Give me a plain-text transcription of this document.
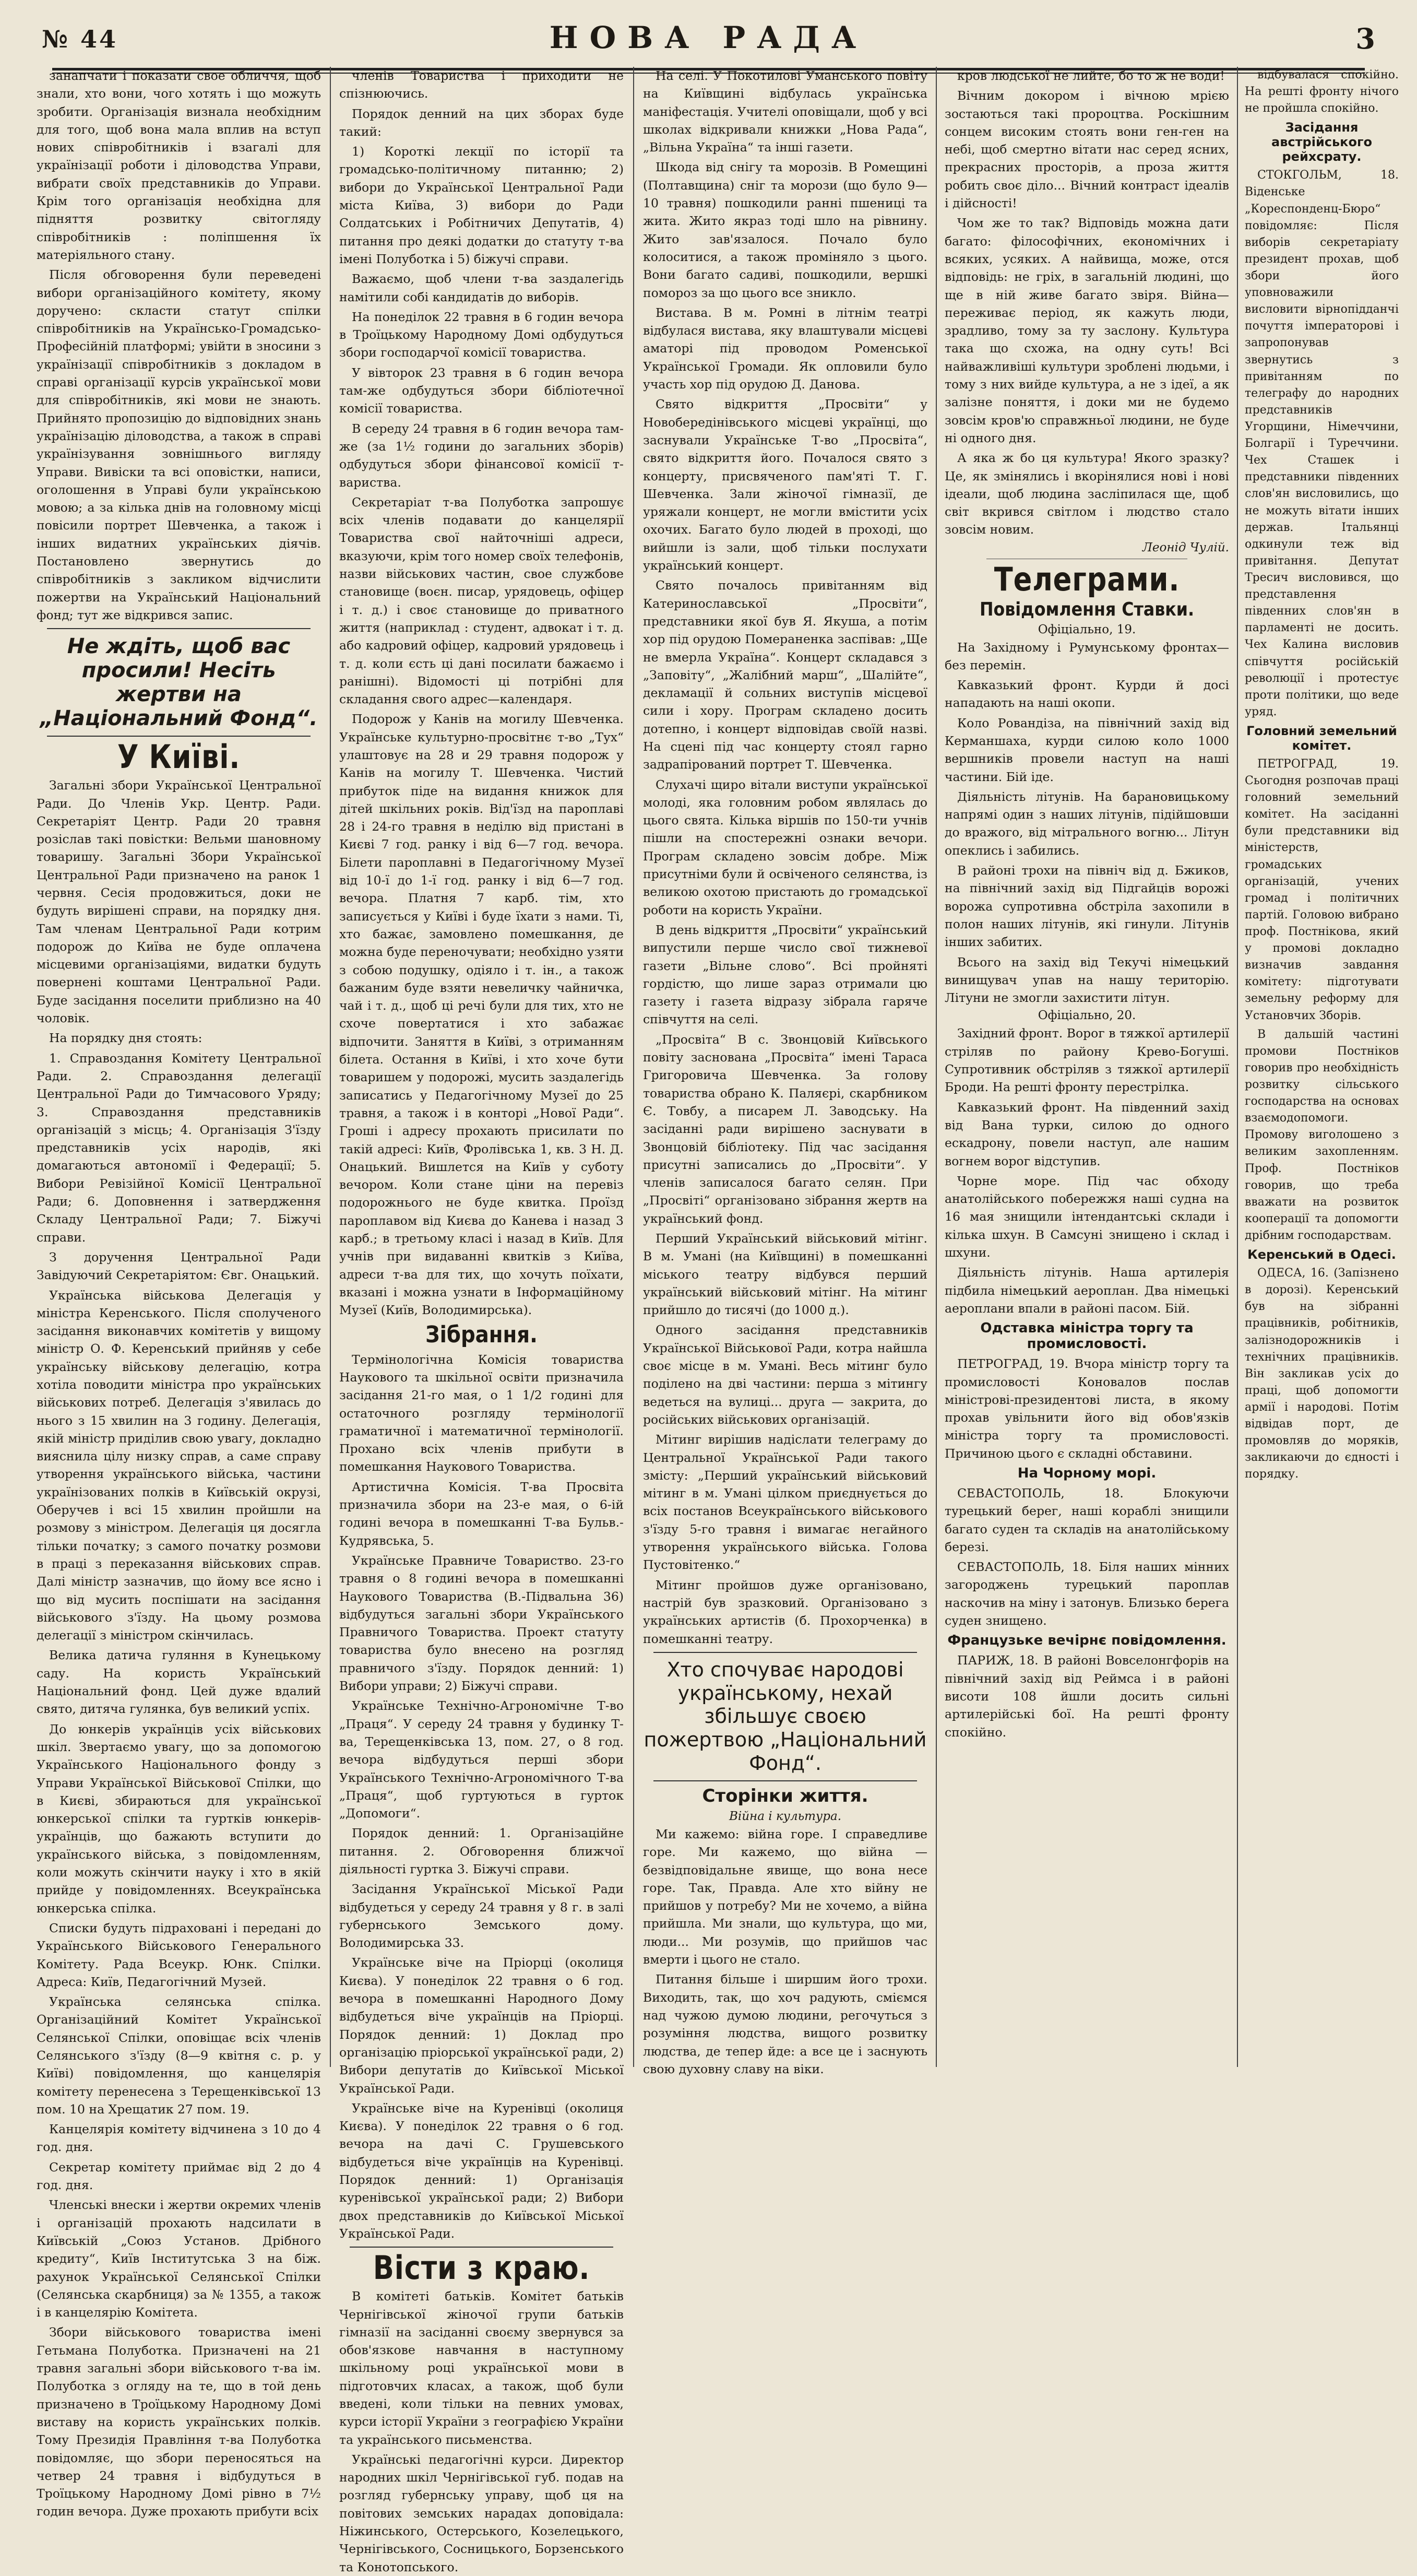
№ 44	НОВА РАДА	3

занапчати і показати свое обличчя, щоб знали, хто вони, чого хотять і що можуть зробити. Організація визнала необхідним для того, щоб вона мала вплив на вступ нових співробітників і взагалі для українізації роботи і діловодства Управи, вибрати своїх представників до Управи. Крім того організація необхідна для підняття розвитку світогляду співробітників : поліпшення їх матеріяльного стану.

Після обговорення були переведені вибори організаційного комітету, якому доручено: скласти статут спілки співробітників на Українсько-Громадсько-Професійній платформі; увійти в зносини з українізації співробітників з докладом в справі організації курсів української мови для співробітників, які мови не знають. Прийнято пропозицію до відповідних знань українізацію діловодства, а також в справі українізування зовнішнього вигляду Управи. Вивіски та всі оповістки, написи, оголошення в Управі були українською мовою; а за кілька днів на головному місці повісили портрет Шевченка, а також і інших видатних українських діячів. Постановлено звернутись до співробітників з закликом відчислити пожертви на Український Національний фонд; тут же відкрився запис.

Не ждіть, щоб вас просили! Несіть жертви на „Національний Фонд“.
У Київі.

Загальні збори Української Центральної Ради. До Членів Укр. Центр. Ради. Секретаріят Центр. Ради 20 травня розіслав такі повістки: Вельми шановному товаришу. Загальні Збори Української Центральної Ради призначено на ранок 1 червня. Сесія продовжиться, доки не будуть вирішені справи, на порядку дня. Там членам Центральної Ради котрим подорож до Київа не буде оплачена місцевими організаціями, видатки будуть повернені коштами Центральної Ради. Буде засідання поселити приблизно на 40 чоловік.

На порядку дня стоять:

1. Справоздання Комітету Центральної Ради. 2. Справоздання делегації Центральної Ради до Тимчасового Уряду; 3. Справоздання представників організацій з місць; 4. Організація З'їзду представників усіх народів, які домагаються автономії і Федерації; 5. Вибори Ревізійної Комісії Центральної Ради; 6. Доповнення і затвердження Складу Центральної Ради; 7. Біжучі справи.

З доручення Центральної Ради Завідуючий Секретаріятом: Євг. Онацький.

Українська військова Делегація у міністра Керенського. Після сполученого засідання виконавчих комітетів у вищому міністр О. Ф. Керенський прийняв у себе українську військову делегацію, котра хотіла поводити міністра про українських військових потреб. Делегація з'явилась до нього з 15 хвилин на 3 годину. Делегація, якій міністр приділив свою увагу, докладно вияснила цілу низку справ, а саме справу утворення українського війська, частини українізованих полків в Київській окрузі, Оберучев і всі 15 хвилин пройшли на розмову з міністром. Делегація ця досягла тільки початку; з самого початку розмови в праці з переказання військових справ. Далі міністр зазначив, що йому все ясно і що від мусить поспішати на засідання військового з'їзду. На цьому розмова делегації з міністром скінчилась.

Велика датича гуляння в Кунецькому саду. На користь Український Національний фонд. Цей дуже вдалий свято, дитяча гулянка, був великий успіх.

До юнкерів українців усіх військових шкіл. Звертаємо увагу, що за допомогою Українського Національного фонду з Управи Української Військової Спілки, що в Києві, збираються для української юнкерської спілки та гуртків юнкерів-українців, що бажають вступити до українського війська, з повідомленням, коли можуть скінчити науку і хто в якій прийде у повідомленнях. Всеукраїнська юнкерська спілка.

Списки будуть підраховані і передані до Українського Військового Генерального Комітету. Рада Всеукр. Юнк. Спілки. Адреса: Київ, Педагогічний Музей.

Українська селянська спілка. Організаційний Комітет Української Селянської Спілки, оповіщає всіх членів Селянського з'їзду (8—9 квітня с. р. у Київі) повідомлення, що канцелярія комітету перенесена з Терещенківської 13 пом. 10 на Хрещатик 27 пом. 19.

Канцелярія комітету відчинена з 10 до 4 год. дня.

Секретар комітету приймає від 2 до 4 год. дня.

Членські внески і жертви окремих членів і організацій прохають надсилати в Київській „Союз Установ. Дрібного кредиту“, Київ Інститутська 3 на біж. рахунок Української Селянської Спілки (Селянська скарбниця) за № 1355, а також і в канцелярію Комітета.

Збори військового товариства імені Гетьмана Полуботка. Призначені на 21 травня загальні збори військового т-ва ім. Полуботка з огляду на те, що в той день призначено в Троїцькому Народному Домі виставу на користь українських полків. Тому Президія Правління т-ва Полуботка повідомляє, що збори переносяться на четвер 24 травня і відбудуться в Троїцькому Народному Домі рівно в 7½ годин вечора. Дуже прохають прибути всіх

членів Товариства і приходити не спізнюючись.

Порядок денний на цих зборах буде такий:

1) Короткі лекції по історії та громадсько-політичному питанню; 2) вибори до Української Центральної Ради міста Київа, 3) вибори до Ради Солдатських і Робітничих Депутатів, 4) питання про деякі додатки до статуту т-ва імені Полуботка і 5) біжучі справи.

Важаємо, щоб члени т-ва заздалегідь намітили собі кандидатів до виборів.

На понеділок 22 травня в 6 годин вечора в Троїцькому Народному Домі одбудуться збори господарчої комісії товариства.

У вівторок 23 травня в 6 годин вечора там-же одбудуться збори бібліотечної комісії товариства.

В середу 24 травня в 6 годин вечора там-же (за 1½ години до загальних зборів) одбудуться збори фінансової комісії т-вариства.

Секретаріат т-ва Полуботка запрошує всіх членів подавати до канцелярії Товариства свої найточніші адреси, вказуючи, крім того номер своїх телефонів, назви військових частин, свое службове становище (воєн. писар, урядовець, офіцер і т. д.) і своє становище до приватного життя (наприклад : студент, адвокат і т. д. або кадровий офіцер, кадровий урядовець і т. д. коли єсть ці дані посилати бажаємо і ранішні). Відомості ці потрібні для складання свого адрес—календаря.

Подорож у Канів на могилу Шевченка. Українське культурно-просвітнє т-во „Тух“ улаштовує на 28 и 29 травня подорож у Канів на могилу Т. Шевченка. Чистий прибуток піде на видання книжок для дітей шкільних років. Від'їзд на пароплаві 28 і 24-го травня в неділю від пристані в Києві 7 год. ранку і від 6—7 год. вечора. Білети пароплавні в Педагогічному Музеї від 10-ї до 1-ї год. ранку і від 6—7 год. вечора. Платня 7 карб. тім, хто записується у Київі і буде їхати з нами. Ті, хто бажає, замовлено помешкання, де можна буде переночувати; необхідно узяти з собою подушку, одіяло і т. ін., а також бажаним буде взяти невеличку чайничка, чай і т. д., щоб ці речі були для тих, хто не схоче повертатися і хто забажає відпочити. Заняття в Київі, з отриманням білета. Остання в Київі, і хто хоче бути товаришем у подорожі, мусить заздалегідь записатись у Педагогічному Музеї до 25 травня, а також і в конторі „Нової Ради“. Гроші і адресу прохають присилати по такій адресі: Київ, Фролівська 1, кв. 3 Н. Д. Онацький. Вишлется на Київ у суботу вечором. Коли стане ціни на перевіз подорожнього не буде квитка. Проїзд пароплавом від Києва до Канева і назад 3 карб.; в третьому класі і назад в Київ. Для учнів при видаванні квитків з Київа, адреси т-ва для тих, що хочуть поїхати, вказані і можна узнати в Інформаційному Музеї (Київ, Володимирська).

Зібрання.

Термінологічна Комісія товариства Наукового та шкільної освіти призначила засідання 21-го мая, о 1 1/2 годині для остаточного розгляду термінології граматичної і математичної термінології. Прохано всіх членів прибути в помешкання Наукового Товариства.

Артистична Комісія. Т-ва Просвіта призначила збори на 23-е мая, о 6-ій годині вечора в помешканні Т-ва Бульв.-Кудрявська, 5.

Українське Правниче Товариство. 23-го травня о 8 годині вечора в помешканні Наукового Товариства (В.-Підвальна 36) відбудуться загальні збори Українського Правничого Товариства. Проект статуту товариства було внесено на розгляд правничого з'їзду. Порядок денний: 1) Вибори управи; 2) Біжучі справи.

Українське Технічно-Агрономічне Т-во „Праця“. У середу 24 травня у будинку Т-ва, Терещенківська 13, пом. 27, о 8 год. вечора відбудуться перші збори Українського Технічно-Агрономічного Т-ва „Праця“, щоб гуртуються в гурток „Допомоги“.

Порядок денний: 1. Організаційне питання. 2. Обговорення ближчої діяльності гуртка 3. Біжучі справи.

Засідання Української Міської Ради відбудеться у середу 24 травня у 8 г. в залі губернського Земського дому. Володимирська 33.

Українське віче на Пріорці (околиця Києва). У понеділок 22 травня о 6 год. вечора в помешканні Народного Дому відбудеться віче українців на Пріорці. Порядок денний: 1) Доклад про організацію пріорської української ради, 2) Вибори депутатів до Київської Міської Української Ради.

Українське віче на Куренівці (околиця Києва). У понеділок 22 травня о 6 год. вечора на дачі С. Грушевського відбудеться віче українців на Куренівці. Порядок денний: 1) Організація куренівської української ради; 2) Вибори двох представників до Київської Міської Української Ради.

Вісти з краю.

В комітеті батьків. Комітет батьків Чернігівської жіночої групи батьків гімназії на засіданні своєму звернувся за обов'язкове навчання в наступному шкільному році української мови в підготовчих класах, а також, щоб були введені, коли тільки на певних умовах, курси історії України з географією України та українського письменства.

Українські педагогічні курси. Директор народних шкіл Чернігівської губ. подав на розгляд губернську управу, щоб ця на повітових земських нарадах доповідала: Ніжинського, Остерського, Козелецького, Чернігівського, Сосницького, Борзенського та Конотопського.

На селі. У Покотилові Уманського повіту на Київщині відбулась українська маніфестація. Учителі оповіщали, щоб у всі школах відкривали книжки „Нова Рада“, „Вільна Україна“ та інші газети.

Шкода від снігу та морозів. В Ромещині (Полтавщина) сніг та морози (що було 9—10 травня) пошкодили ранні пшениці та жита. Жито якраз тоді шло на рівнину. Жито зав'язалося. Почало було колоситися, а також проміняло з цього. Вони багато садиві, пошкодили, вершкі помороз за що цього все зникло.

Вистава. В м. Ромні в літнім театрі відбулася вистава, яку влаштували місцеві аматорі під проводом Роменської Української Громади. Як опловили було участь хор під орудою Д. Данова.

Свято відкриття „Просвіти“ у Новобередінівського місцеві українці, що заснували Українське Т-во „Просвіта“, свято відкриття його. Почалося свято з концерту, присвяченого пам'яті Т. Г. Шевченка. Зали жіночої гімназії, де уряжали концерт, не могли вмістити усіх охочих. Багато було людей в проході, що вийшли із зали, щоб тільки послухати український концерт.

Свято почалось привітанням від Катеринославської „Просвіти“, представники якої був Я. Якуша, а потім хор під орудою Помераненка заспівав: „Ще не вмерла Україна“. Концерт складався з „Заповіту“, „Жалібний марш“, „Шалійте“, декламації й сольних виступів місцевої сили і хору. Програм складено досить дотепно, і концерт відповідав своїй назві. На сцені під час концерту стоял гарно задрапірований портрет Т. Шевченка.

Слухачі щиро вітали виступи української молоді, яка головним робом являлась до цього свята. Кілька віршів по 150-ти учнів пішли на спостережні ознаки вечори. Програм складено зовсім добре. Між присутніми були й освіченого селянства, із великою охотою пристають до громадської роботи на користь України.

В день відкриття „Просвіти“ український випустили перше число свої тижневої газети „Вільне слово“. Всі пройняті гордістю, що лише зараз отримали цю газету і газета відразу зібрала гаряче співчуття на селі.

„Просвіта“ В с. Звонцовій Київського повіту заснована „Просвіта“ імені Тараса Григоровича Шевченка. За голову товариства обрано К. Паляєрі, скарбником Є. Товбу, а писарем Л. Заводську. На засіданні ради вирішено заснувати в Звонцовій бібліотеку. Під час засідання присутні записались до „Просвіти“. У членів записалося багато селян. При „Просвіті“ організовано зібрання жертв на український фонд.

Перший Український військовий мітінг. В м. Умані (на Київщині) в помешканні міського театру відбувся перший український військовий мітінг. На мітинг прийшло до тисячі (до 1000 д.).

Одного засідання представників Української Військової Ради, котра найшла своє місце в м. Умані. Весь мітинг було поділено на дві частини: перша з мітингу ведеться на вулиці... друга — закрита, до російських військових організацій.

Мітинг вирішив надіслати телеграму до Центральної Української Ради такого змісту: „Перший український військовий мітинг в м. Умані цілком приєднується до всіх постанов Всеукраїнського військового з'їзду 5-го травня і вимагає негайного утворення українського війська. Голова Пустовітенко.“

Мітинг пройшов дуже організовано, настрій був зразковий. Організовано з українських артистів (б. Прохорченка) в помешканні театру.

Хто спочуває народові українському, нехай збільшує своєю пожертвою „Національний Фонд“.
Сторінки життя.
Війна і культура.

Ми кажемо: війна горе. І справедливе горе. Ми кажемо, що війна — безвідповідальне явище, що вона несе горе. Так, Правда. Але хто війну не прийшов у потребу? Ми не хочемо, а війна прийшла. Ми знали, що культура, що ми, люди... Ми розумів, що прийшов час вмерти і цього не стало.

Питання більше і ширшим його трохи. Виходить, так, що хоч радують, сміємся над чужою думою людини, регочуться з розуміння людства, вищого розвитку людства, де тепер йде: а все це і заснують свою духовну славу на віки.

кров людської не лийте, бо то ж не води!

Вічним докором і вічною мрією зостаються такі пророцтва. Роскішним сонцем високим стоять вони ген-ген на небі, щоб смертно вітати нас серед ясних, прекрасних просторів, а проза життя робить своє діло... Вічний контраст ідеалів і дійсності!

Чом же то так? Відповідь можна дати багато: філософічних, економічних і всяких, усяких. А найвища, може, отся відповідь: не гріх, в загальній людині, що ще в ній живе багато звіря. Війна—переживає період, як кажуть люди, зрадливо, тому за ту заслону. Культура така що схожа, на одну суть! Всі найважливіші культури зроблені людьми, і тому з них вийде культура, а не з ідеї, а як залізне поняття, і доки ми не будемо зовсім кров'ю справжньої людини, не буде ні одного дня.

А яка ж бо ця культура! Якого зразку? Це, як змінялись і вкорінялися нові і нові ідеали, щоб людина засліпилася ще, щоб світ вкрився світлом і людство стало зовсім новим.

Леонід Чулій.
Телеграми.
Повідомлення Ставки.
Офіціально, 19.

На Західному і Румунському фронтах—без перемін.

Кавказький фронт. Курди й досі нападають на наші окопи.

Коло Ровандіза, на північний захід від Керманшаха, курди силою коло 1000 вершників провели наступ на наші частини. Бій іде.

Діяльність літунів. На барановицькому напрямі один з наших літунів, підійшовши до вражого, від мітрального вогню... Літун опеклись і забились.

В районі трохи на північ від д. Бжиков, на північний захід від Підгайців ворожі ворожа супротивна обстріла захопили в полон наших літунів, які гинули. Літунів інших забитих.

Всього на захід від Текучі німецький винищувач упав на нашу територію. Літуни не змогли захистити літун.

Офіціально, 20.

Західний фронт. Ворог в тяжкої артилерії стріляв по району Крево-Богуші. Супротивник обстріляв з тяжкої артилерії Броди. На решті фронту перестрілка.

Кавказький фронт. На південний захід від Вана турки, силою до одного ескадрону, повели наступ, але нашим вогнем ворог відступив.

Чорне море. Під час обходу анатолійського побережжя наші судна на 16 мая знищили інтендантські склади і кілька шхун. В Самсуні знищено і склад і шхуни.

Діяльність літунів. Наша артилерія підбила німецький аероплан. Два німецькі аероплани впали в районі пасом. Бій.

Одставка міністра торгу та промисловості.

ПЕТРОГРАД, 19. Вчора міністр торгу та промисловості Коновалов послав міністрові-президентові листа, в якому прохав увільнити його від обов'язків міністра торгу та промисловості. Причиною цього є складні обставини.

На Чорному морі.

СЕВАСТОПОЛЬ, 18. Блокуючи турецький берег, наші кораблі знищили багато суден та складів на анатолійському березі.

СЕВАСТОПОЛЬ, 18. Біля наших мінних загороджень турецький пароплав наскочив на міну і затонув. Близько берега суден знищено.

Французьке вечірнє повідомлення.

ПАРИЖ, 18. В районі Вовселонгфорів на північний захід від Реймса і в районі висоти 108 йшли досить сильні артилерійські бої. На решті фронту спокійно.

відбувалася спокійно. На решті фронту нічого не пройшла спокійно.

Засідання австрійського рейхсрату.

СТОКГОЛЬМ, 18. Віденське „Кореспонденц-Бюро“ повідомляє: Після виборів секретаріату президент прохав, щоб збори його уповноважили висловити вірнопідданчі почуття імператорові і запропонував звернутись з привітанням по телеграфу до народних представників Угорщини, Німеччини, Болгарії і Туреччини. Чех Сташек і представники південних слов'ян висловились, що не можуть вітати інших держав. Італьянці одкинули теж від привітання. Депутат Тресич висловився, що представлення південних слов'ян в парламенті не досить. Чех Калина висловив співчуття російській революції і протестує проти політики, що веде уряд.

Головний земельний комітет.

ПЕТРОГРАД, 19. Сьогодня розпочав праці головний земельний комітет. На засіданні були представники від міністерств, громадських організацій, учених громад і політичних партій. Головою вибрано проф. Постнікова, який у промові докладно визначив завдання комітету: підготувати земельну реформу для Установчих Зборів.

В дальшій частині промови Постніков говорив про необхідність розвитку сільського господарства на основах взаємодопомоги. Промову виголошено з великим захопленням. Проф. Постніков говорив, що треба вважати на розвиток кооперації та допомогти дрібним господарствам.

Керенський в Одесі.

ОДЕСА, 16. (Запізнено в дорозі). Керенський був на зібранні працівників, робітників, залізнодорожників і технічних працівників. Він закликав усіх до праці, щоб допомогти армії і народові. Потім відвідав порт, де промовляв до моряків, закликаючи до єдності і порядку.
